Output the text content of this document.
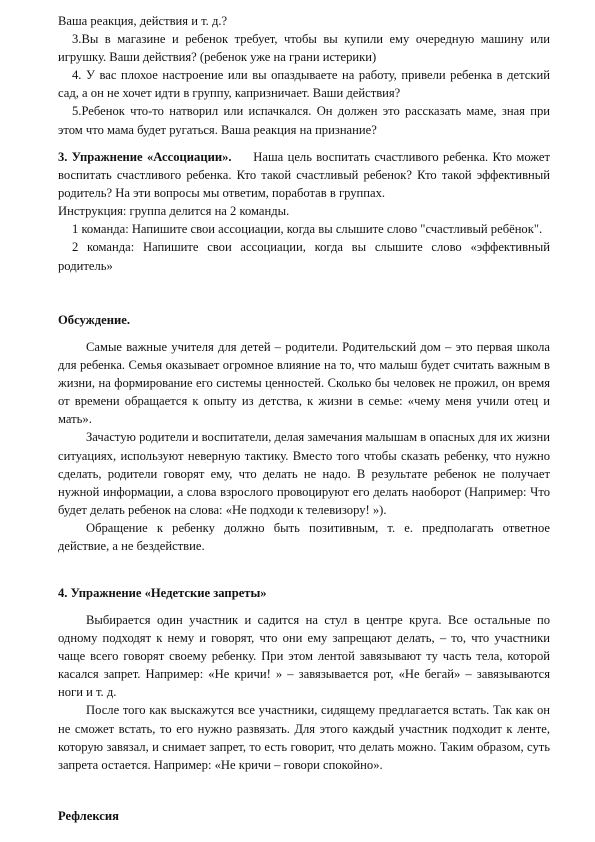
Ваша реакция, действия и т. д.?

3.Вы в магазине и ребенок требует, чтобы вы купили ему очередную машину или игрушку. Ваши действия? (ребенок уже на грани истерики)

4. У вас плохое настроение или вы опаздываете на работу, привели ребенка в детский сад, а он не хочет идти в группу, капризничает. Ваши действия?

5.Ребенок что-то натворил или испачкался. Он должен это рассказать маме, зная при этом что мама будет ругаться. Ваша реакция на признание?

3. Упражнение «Ассоциации». Наша цель воспитать счастливого ребенка. Кто может воспитать счастливого ребенка. Кто такой счастливый ребенок? Кто такой эффективный родитель? На эти вопросы мы ответим, поработав в группах.

Инструкция: группа делится на 2 команды.

1 команда: Напишите свои ассоциации, когда вы слышите слово "счастливый ребёнок".

2 команда: Напишите свои ассоциации, когда вы слышите слово «эффективный родитель»

Обсуждение.

Самые важные учителя для детей – родители. Родительский дом – это первая школа для ребенка. Семья оказывает огромное влияние на то, что малыш будет считать важным в жизни, на формирование его системы ценностей. Сколько бы человек не прожил, он время от времени обращается к опыту из детства, к жизни в семье: «чему меня учили отец и мать».

Зачастую родители и воспитатели, делая замечания малышам в опасных для их жизни ситуациях, используют неверную тактику. Вместо того чтобы сказать ребенку, что нужно сделать, родители говорят ему, что делать не надо. В результате ребенок не получает нужной информации, а слова взрослого провоцируют его делать наоборот (Например: Что будет делать ребенок на слова: «Не подходи к телевизору! »).

Обращение к ребенку должно быть позитивным, т. е. предполагать ответное действие, а не бездействие.

4. Упражнение «Недетские запреты»

Выбирается один участник и садится на стул в центре круга. Все остальные по одному подходят к нему и говорят, что они ему запрещают делать, – то, что участники чаще всего говорят своему ребенку. При этом лентой завязывают ту часть тела, которой касался запрет. Например: «Не кричи! » – завязывается рот, «Не бегай» – завязываются ноги и т. д.

После того как выскажутся все участники, сидящему предлагается встать. Так как он не сможет встать, то его нужно развязать. Для этого каждый участник подходит к ленте, которую завязал, и снимает запрет, то есть говорит, что делать можно. Таким образом, суть запрета остается. Например: «Не кричи – говори спокойно».

Рефлексия
